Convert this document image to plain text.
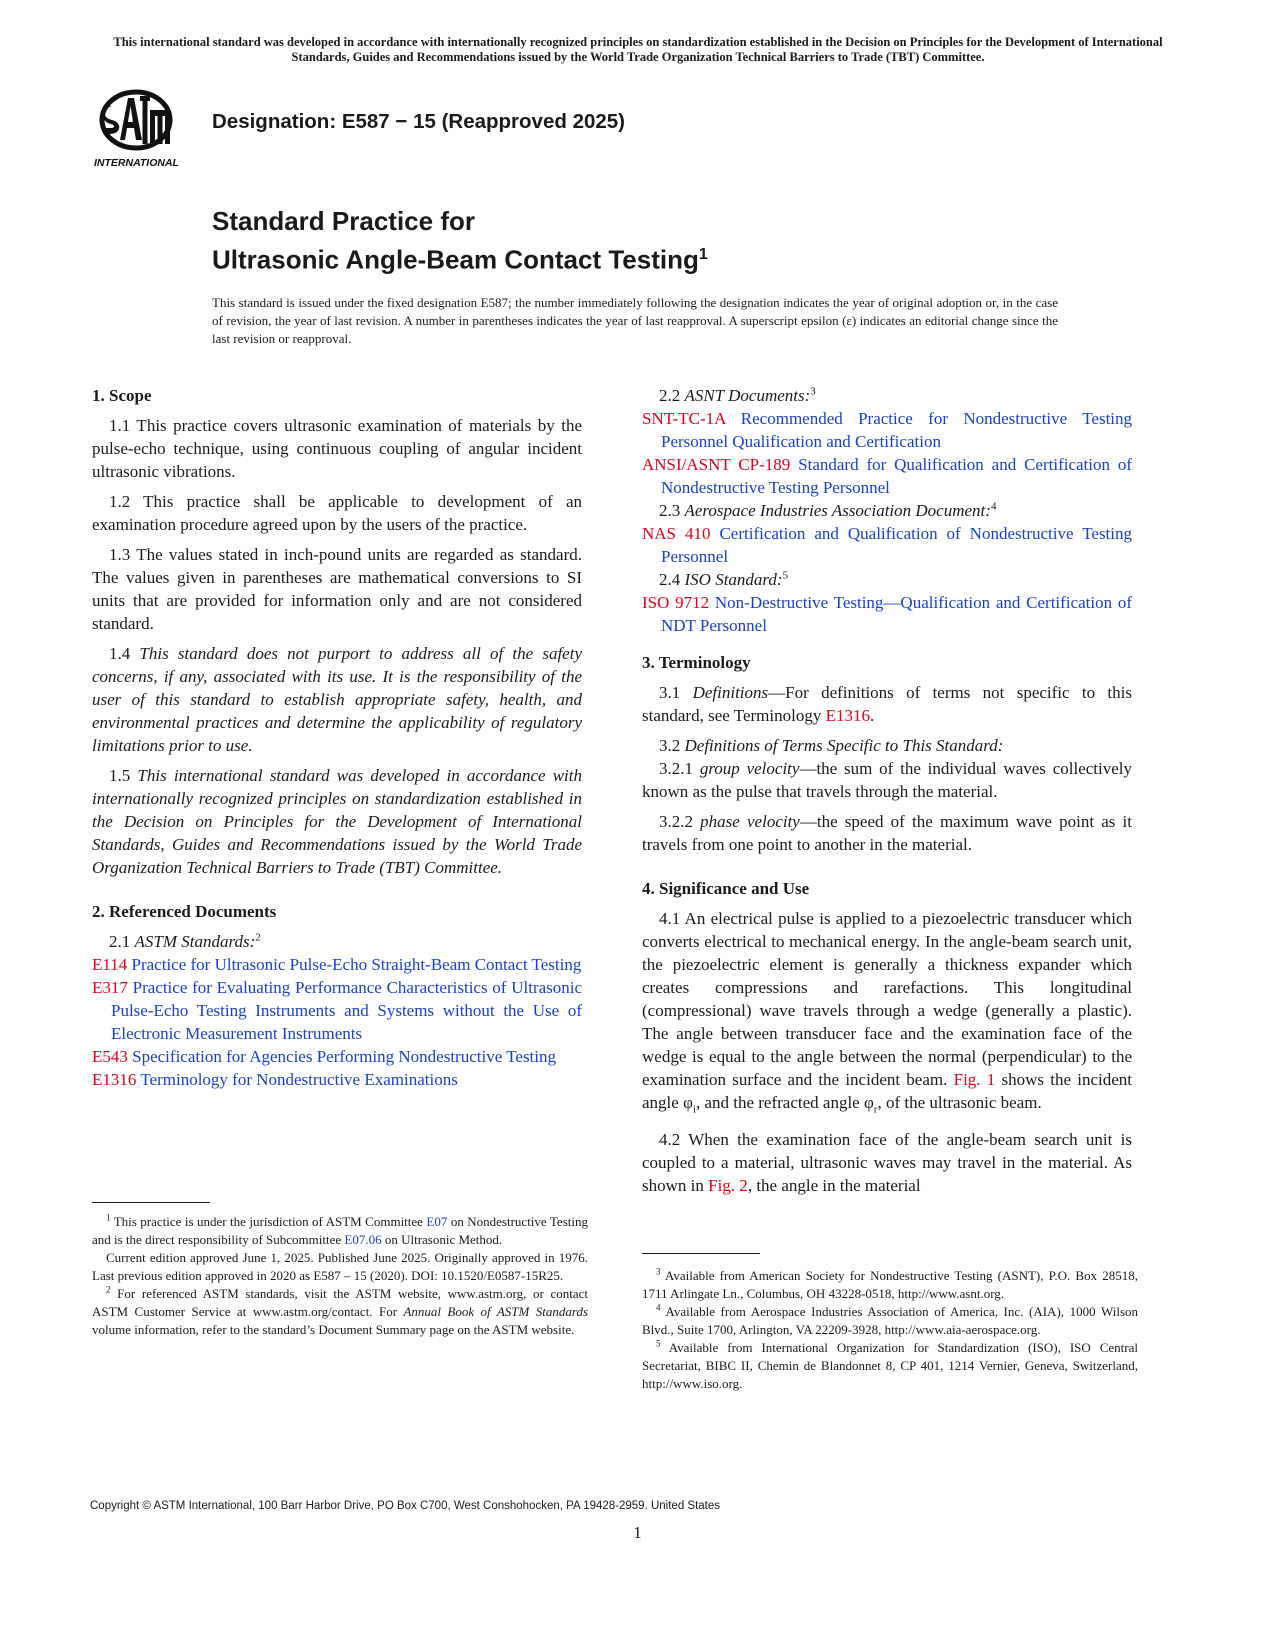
This international standard was developed in accordance with internationally recognized principles on standardization established in the Decision on Principles for the Development of International Standards, Guides and Recommendations issued by the World Trade Organization Technical Barriers to Trade (TBT) Committee.
INTERNATIONAL
Designation: E587 − 15 (Reapproved 2025)
Standard Practice for
Ultrasonic Angle-Beam Contact Testing$^1$
This standard is issued under the fixed designation E587; the number immediately following the designation indicates the year of original adoption or, in the case of revision, the year of last revision. A number in parentheses indicates the year of last reapproval. A superscript epsilon (ε) indicates an editorial change since the last revision or reapproval.
1. Scope

1.1 This practice covers ultrasonic examination of materials by the pulse-echo technique, using continuous coupling of angular incident ultrasonic vibrations.

1.2 This practice shall be applicable to development of an examination procedure agreed upon by the users of the practice.

1.3 The values stated in inch-pound units are regarded as standard. The values given in parentheses are mathematical conversions to SI units that are provided for information only and are not considered standard.

1.4 This standard does not purport to address all of the safety concerns, if any, associated with its use. It is the responsibility of the user of this standard to establish appropriate safety, health, and environmental practices and determine the applicability of regulatory limitations prior to use.

1.5 This international standard was developed in accordance with internationally recognized principles on standardization established in the Decision on Principles for the Development of International Standards, Guides and Recommendations issued by the World Trade Organization Technical Barriers to Trade (TBT) Committee.

2. Referenced Documents
2.1 ASTM Standards:$^2$
E114 Practice for Ultrasonic Pulse-Echo Straight-Beam Contact Testing
E317 Practice for Evaluating Performance Characteristics of Ultrasonic Pulse-Echo Testing Instruments and Systems without the Use of Electronic Measurement Instruments
E543 Specification for Agencies Performing Nondestructive Testing
E1316 Terminology for Nondestructive Examinations
2.2 ASNT Documents:$^3$
SNT-TC-1A Recommended Practice for Nondestructive Testing Personnel Qualification and Certification
ANSI/ASNT CP-189 Standard for Qualification and Certification of Nondestructive Testing Personnel
2.3 Aerospace Industries Association Document:$^4$
NAS 410 Certification and Qualification of Nondestructive Testing Personnel
2.4 ISO Standard:$^5$
ISO 9712 Non-Destructive Testing—Qualification and Certification of NDT Personnel
3. Terminology

3.1 Definitions—For definitions of terms not specific to this standard, see Terminology E1316.

3.2 Definitions of Terms Specific to This Standard:

3.2.1 group velocity—the sum of the individual waves collectively known as the pulse that travels through the material.

3.2.2 phase velocity—the speed of the maximum wave point as it travels from one point to another in the material.

4. Significance and Use

4.1 An electrical pulse is applied to a piezoelectric transducer which converts electrical to mechanical energy. In the angle-beam search unit, the piezoelectric element is generally a thickness expander which creates compressions and rarefactions. This longitudinal (compressional) wave travels through a wedge (generally a plastic). The angle between transducer face and the examination face of the wedge is equal to the angle between the normal (perpendicular) to the examination surface and the incident beam. Fig. 1 shows the incident angle $\varphi_i$, and the refracted angle $\varphi_r$, of the ultrasonic beam.

4.2 When the examination face of the angle-beam search unit is coupled to a material, ultrasonic waves may travel in the material. As shown in Fig. 2, the angle in the material

$^1$ This practice is under the jurisdiction of ASTM Committee E07 on Nondestructive Testing and is the direct responsibility of Subcommittee E07.06 on Ultrasonic Method.

Current edition approved June 1, 2025. Published June 2025. Originally approved in 1976. Last previous edition approved in 2020 as E587 – 15 (2020). DOI: 10.1520/E0587-15R25.

$^2$ For referenced ASTM standards, visit the ASTM website, www.astm.org, or contact ASTM Customer Service at www.astm.org/contact. For Annual Book of ASTM Standards volume information, refer to the standard’s Document Summary page on the ASTM website.

$^3$ Available from American Society for Nondestructive Testing (ASNT), P.O. Box 28518, 1711 Arlingate Ln., Columbus, OH 43228-0518, http://www.asnt.org.

$^4$ Available from Aerospace Industries Association of America, Inc. (AIA), 1000 Wilson Blvd., Suite 1700, Arlington, VA 22209-3928, http://www.aia-aerospace.org.

$^5$ Available from International Organization for Standardization (ISO), ISO Central Secretariat, BIBC II, Chemin de Blandonnet 8, CP 401, 1214 Vernier, Geneva, Switzerland, http://www.iso.org.

Copyright © ASTM International, 100 Barr Harbor Drive, PO Box C700, West Conshohocken, PA 19428-2959. United States
1
